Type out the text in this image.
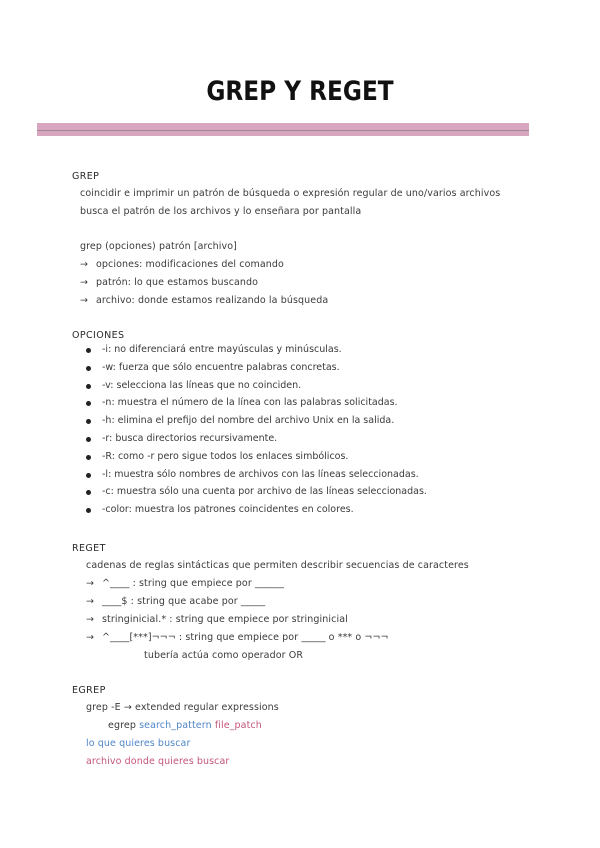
GREP Y REGET
GREP
coincidir e imprimir un patrón de búsqueda o expresión regular de uno/varios archivos
busca el patrón de los archivos y lo enseñara por pantalla
grep (opciones) patrón [archivo]
→ opciones: modificaciones del comando
→ patrón: lo que estamos buscando
→ archivo: donde estamos realizando la búsqueda
OPCIONES
-i: no diferenciará entre mayúsculas y minúsculas.
-w: fuerza que sólo encuentre palabras concretas.
-v: selecciona las líneas que no coinciden.
-n: muestra el número de la línea con las palabras solicitadas.
-h: elimina el prefijo del nombre del archivo Unix en la salida.
-r: busca directorios recursivamente.
-R: como -r pero sigue todos los enlaces simbólicos.
-l: muestra sólo nombres de archivos con las líneas seleccionadas.
-c: muestra sólo una cuenta por archivo de las líneas seleccionadas.
-color: muestra los patrones coincidentes en colores.
REGET
cadenas de reglas sintácticas que permiten describir secuencias de caracteres
→ ^____ : string que empiece por ______
→ ____$ : string que acabe por _____
→ stringinicial.* : string que empiece por stringinicial
→ ^____[***]¬¬¬ : string que empiece por _____ o *** o ¬¬¬
tubería actúa como operador OR
EGREP
grep -E → extended regular expressions
egrep search_pattern file_patch
lo que quieres buscar
archivo donde quieres buscar
